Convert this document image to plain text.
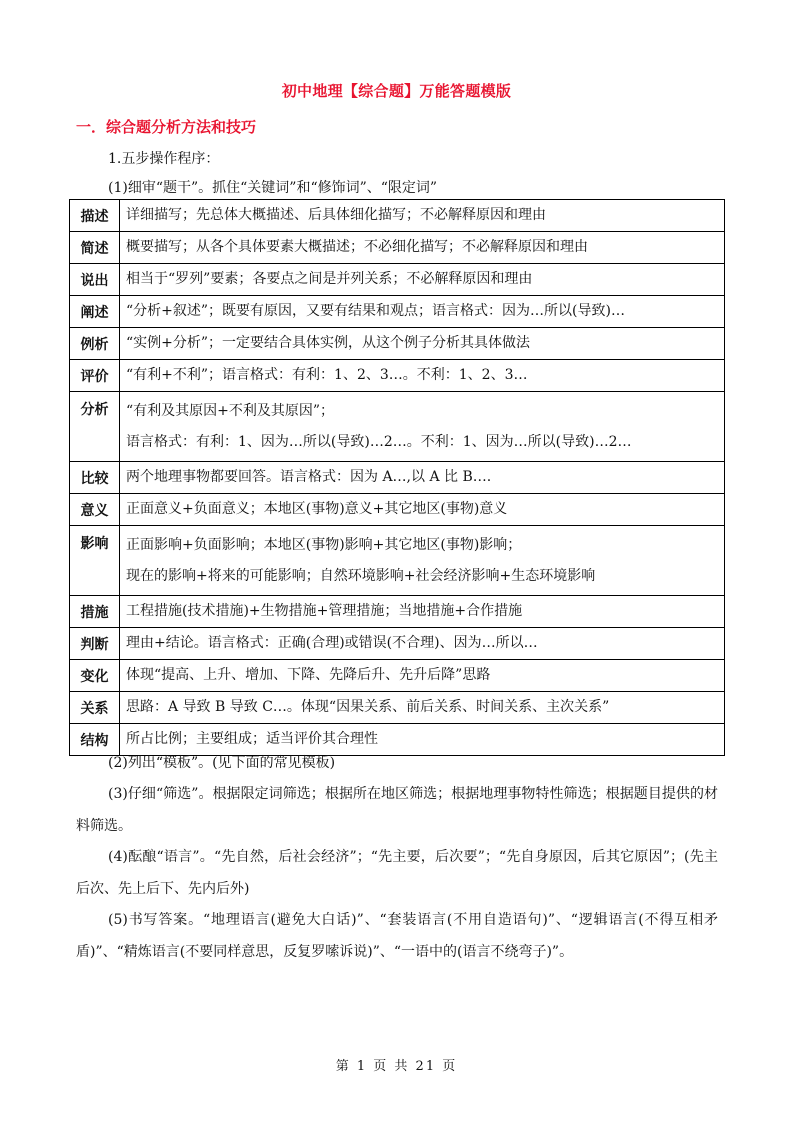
初中地理【综合题】万能答题模版
一．综合题分析方法和技巧
1.五步操作程序：
(1)细审“题干”。抓住“关键词”和“修饰词”、“限定词”
描述	详细描写；先总体大概描述、后具体细化描写；不必解释原因和理由

简述	概要描写；从各个具体要素大概描述；不必细化描写；不必解释原因和理由

说出	相当于“罗列”要素；各要点之间是并列关系；不必解释原因和理由

阐述	“分析+叙述”；既要有原因，又要有结果和观点；语言格式：因为…所以(导致)…

例析	“实例+分析”；一定要结合具体实例，从这个例子分析其具体做法

评价	“有利+不利”；语言格式：有利：1、2、3…。不利：1、2、3…

分析	“有利及其原因+不利及其原因”；
语言格式：有利：1、因为…所以(导致)…2…。不利：1、因为…所以(导致)…2…

比较	两个地理事物都要回答。语言格式：因为 A…,以 A 比 B….

意义	正面意义+负面意义；本地区(事物)意义+其它地区(事物)意义

影响	正面影响+负面影响；本地区(事物)影响+其它地区(事物)影响；
现在的影响+将来的可能影响；自然环境影响+社会经济影响+生态环境影响

措施	工程措施(技术措施)+生物措施+管理措施；当地措施+合作措施

判断	理由+结论。语言格式：正确(合理)或错误(不合理)、因为…所以…

变化	体现“提高、上升、增加、下降、先降后升、先升后降”思路

关系	思路：A 导致 B 导致 C…。体现“因果关系、前后关系、时间关系、主次关系”

结构	所占比例；主要组成；适当评价其合理性
(2)列出“模板”。(见下面的常见模板)
(3)仔细“筛选”。根据限定词筛选；根据所在地区筛选；根据地理事物特性筛选；根据题目提供的材料筛选。
(4)酝酿“语言”。“先自然，后社会经济”；“先主要，后次要”；“先自身原因，后其它原因”；(先主后次、先上后下、先内后外)
(5)书写答案。“地理语言(避免大白话)”、“套装语言(不用自造语句)”、“逻辑语言(不得互相矛盾)”、“精炼语言(不要同样意思，反复罗嗦诉说)”、“一语中的(语言不绕弯子)”。
第 1 页 共 21 页
